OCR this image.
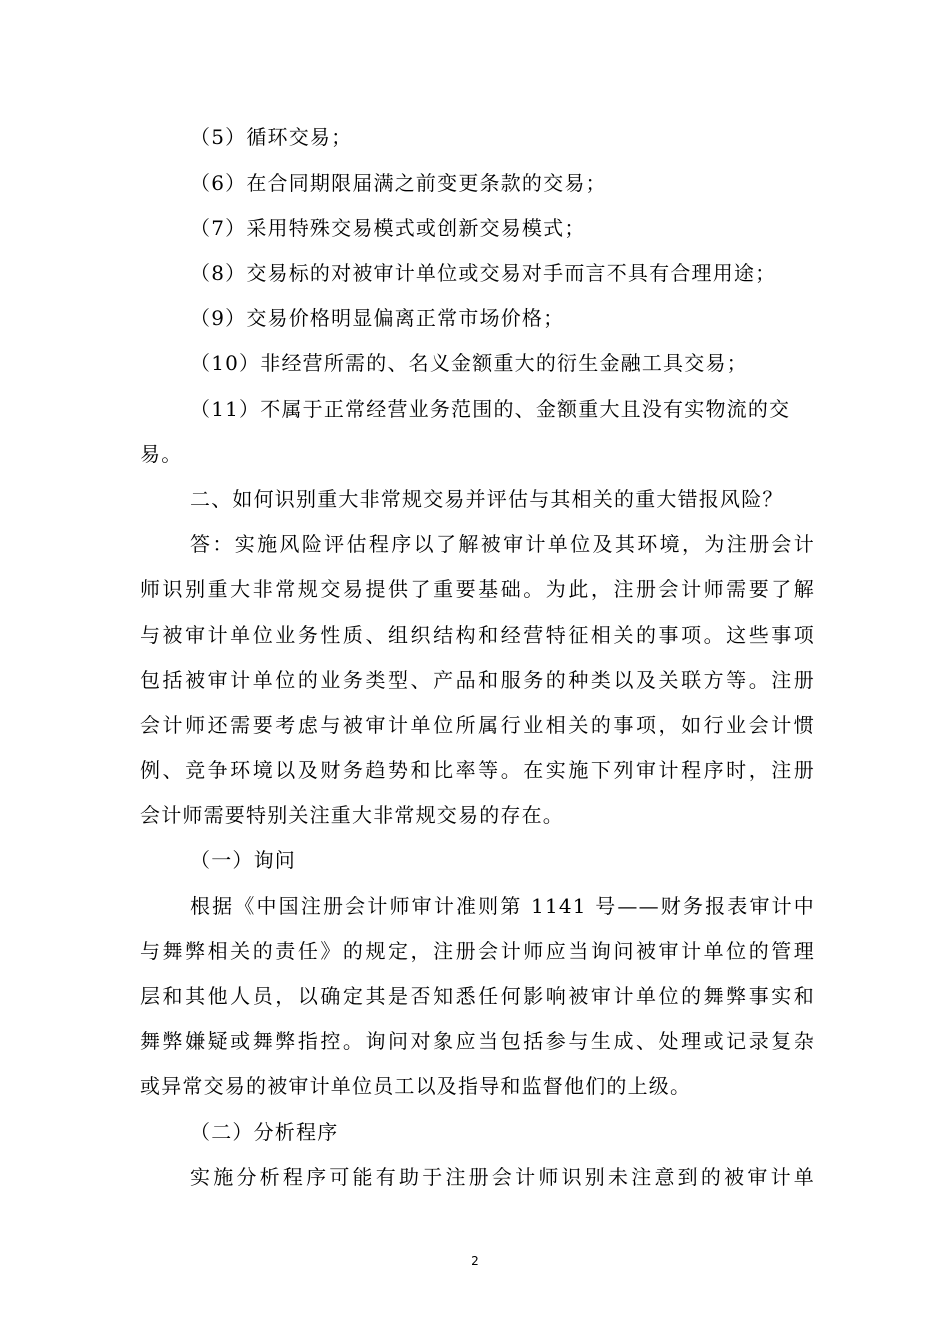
（5）循环交易；
（6）在合同期限届满之前变更条款的交易；
（7）采用特殊交易模式或创新交易模式；
（8）交易标的对被审计单位或交易对手而言不具有合理用途；
（9）交易价格明显偏离正常市场价格；
（10）非经营所需的、名义金额重大的衍生金融工具交易；
（11）不属于正常经营业务范围的、金额重大且没有实物流的交
易。
二、如何识别重大非常规交易并评估与其相关的重大错报风险？
答：实施风险评估程序以了解被审计单位及其环境，为注册会计
师识别重大非常规交易提供了重要基础。为此，注册会计师需要了解
与被审计单位业务性质、组织结构和经营特征相关的事项。这些事项
包括被审计单位的业务类型、产品和服务的种类以及关联方等。注册
会计师还需要考虑与被审计单位所属行业相关的事项，如行业会计惯
例、竞争环境以及财务趋势和比率等。在实施下列审计程序时，注册
会计师需要特别关注重大非常规交易的存在。
（一）询问
根据《中国注册会计师审计准则第 1141 号——财务报表审计中
与舞弊相关的责任》的规定，注册会计师应当询问被审计单位的管理
层和其他人员，以确定其是否知悉任何影响被审计单位的舞弊事实和
舞弊嫌疑或舞弊指控。询问对象应当包括参与生成、处理或记录复杂
或异常交易的被审计单位员工以及指导和监督他们的上级。
（二）分析程序
实施分析程序可能有助于注册会计师识别未注意到的被审计单
2
